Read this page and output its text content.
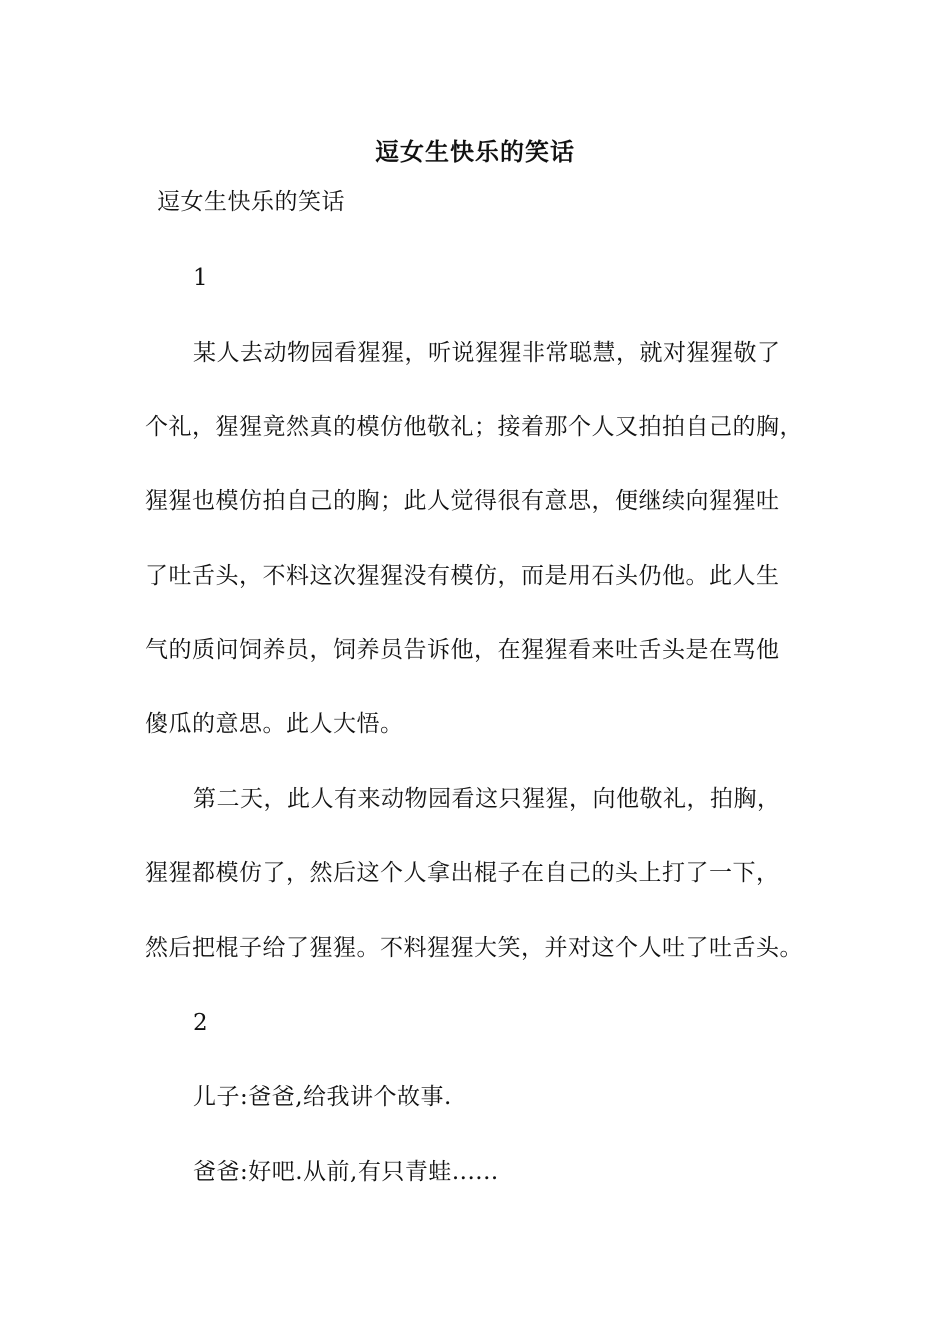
逗女生快乐的笑话
逗女生快乐的笑话
1
某人去动物园看猩猩，听说猩猩非常聪慧，就对猩猩敬了
个礼，猩猩竟然真的模仿他敬礼；接着那个人又拍拍自己的胸，
猩猩也模仿拍自己的胸；此人觉得很有意思，便继续向猩猩吐
了吐舌头，不料这次猩猩没有模仿，而是用石头仍他。此人生
气的质问饲养员，饲养员告诉他，在猩猩看来吐舌头是在骂他
傻瓜的意思。此人大悟。
第二天，此人有来动物园看这只猩猩，向他敬礼，拍胸，
猩猩都模仿了，然后这个人拿出棍子在自己的头上打了一下，
然后把棍子给了猩猩。不料猩猩大笑，并对这个人吐了吐舌头。
2
儿子:爸爸,给我讲个故事.
爸爸:好吧.从前,有只青蛙......
